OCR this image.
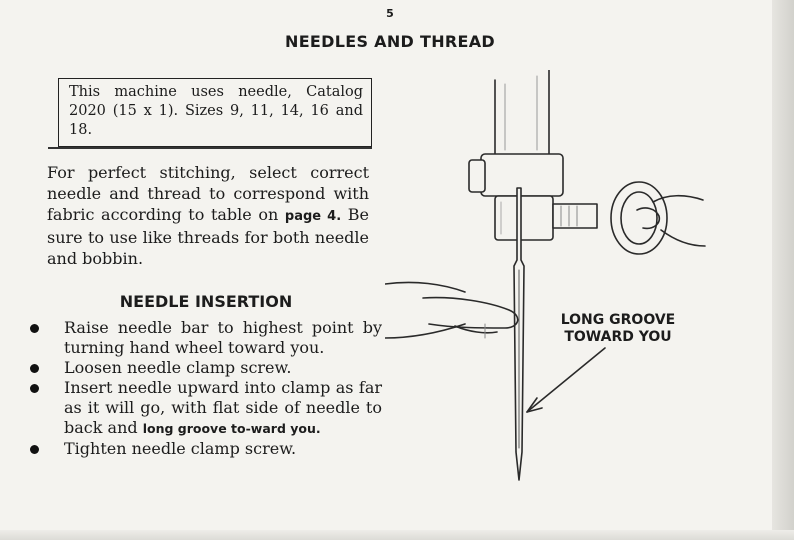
5
NEEDLES AND THREAD
This machine uses needle, Catalog 2020 (15 x 1). Sizes 9, 11, 14, 16 and 18.
For perfect stitching, select correct needle and thread to correspond with fabric according to table on page 4. Be sure to use like threads for both needle and bobbin.
NEEDLE INSERTION
Raise needle bar to highest point by turning hand wheel toward you.
Loosen needle clamp screw.
Insert needle upward into clamp as far as it will go, with flat side of needle to back and long groove to-ward you.
Tighten needle clamp screw.
LONG GROOVE
TOWARD YOU
